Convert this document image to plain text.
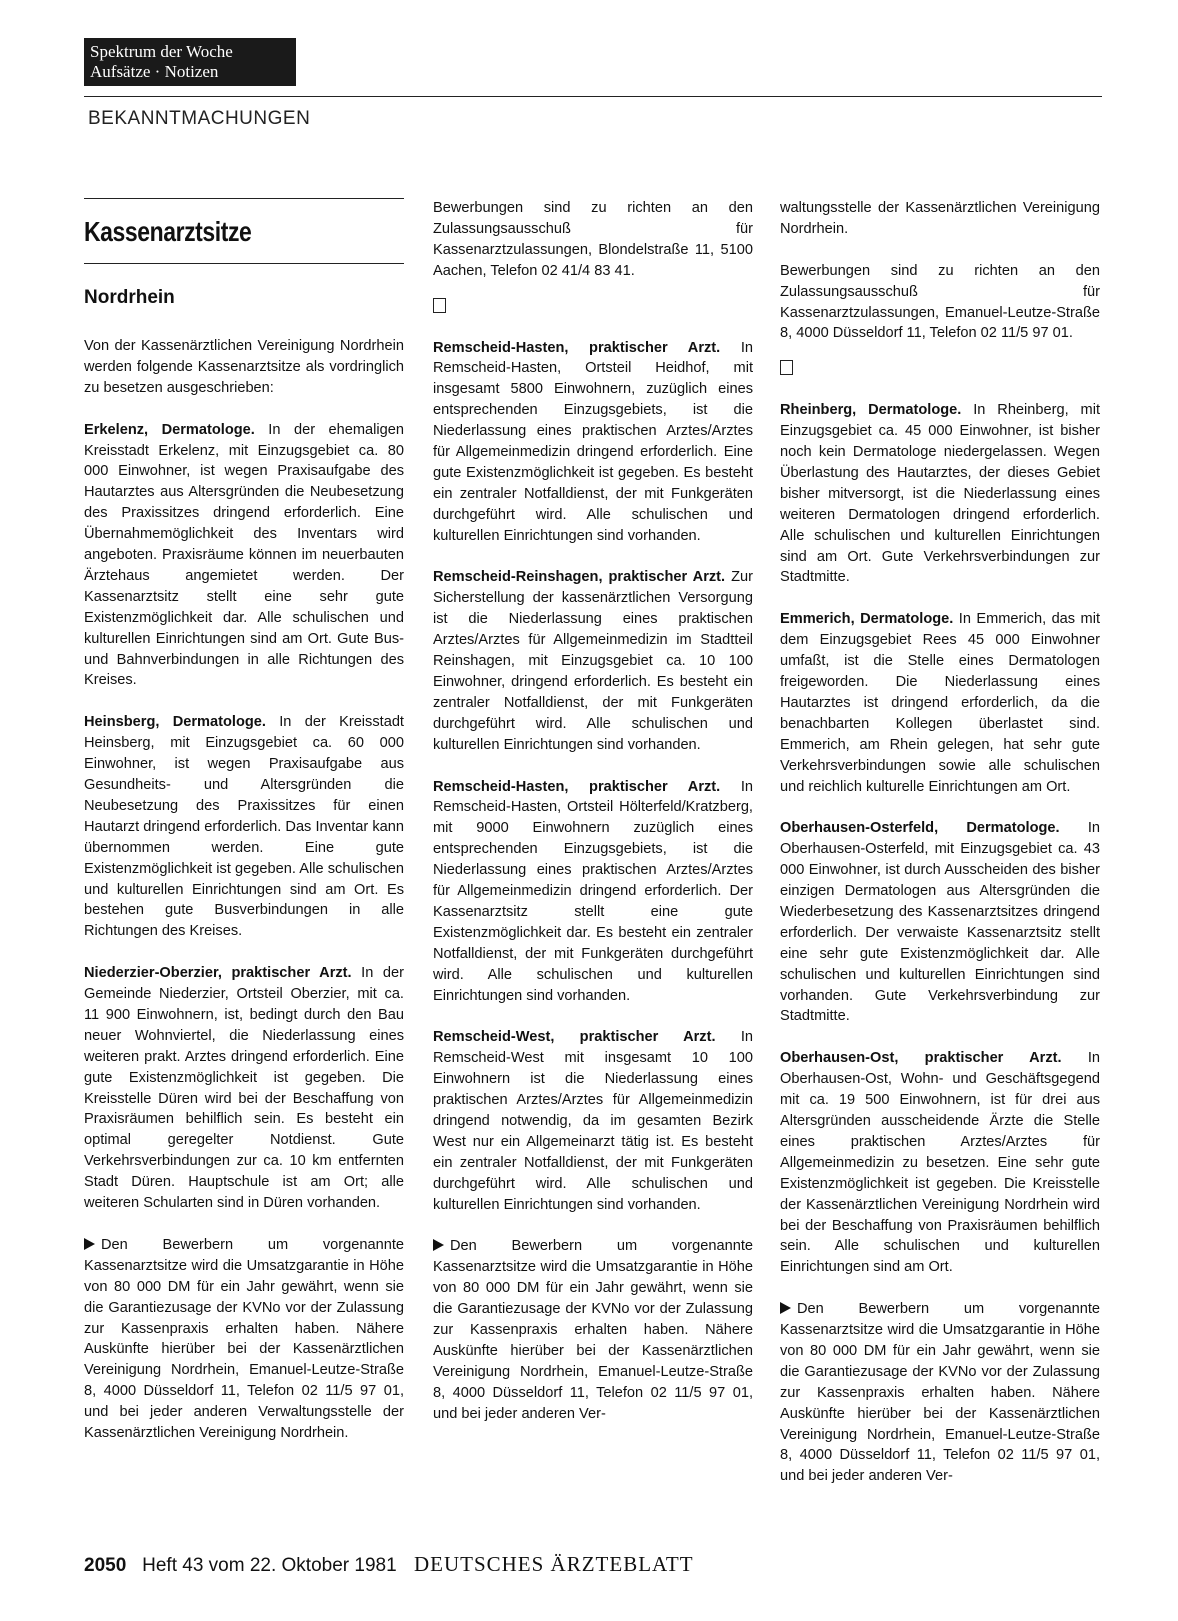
Spektrum der Woche
Aufsätze · Notizen
BEKANNTMACHUNGEN
Kassenarztsitze
Nordrhein

Von der Kassenärztlichen Vereinigung Nordrhein werden folgende Kassenarztsitze als vordringlich zu besetzen ausgeschrieben:

Erkelenz, Dermatologe. In der ehemaligen Kreisstadt Erkelenz, mit Einzugsgebiet ca. 80 000 Einwohner, ist wegen Praxisaufgabe des Hautarztes aus Altersgründen die Neubesetzung des Praxissitzes dringend erforderlich. Eine Übernahmemöglichkeit des Inventars wird angeboten. Praxisräume können im neuerbauten Ärztehaus angemietet werden. Der Kassenarztsitz stellt eine sehr gute Existenzmöglichkeit dar. Alle schulischen und kulturellen Einrichtungen sind am Ort. Gute Bus- und Bahnverbindungen in alle Richtungen des Kreises.

Heinsberg, Dermatologe. In der Kreisstadt Heinsberg, mit Einzugsgebiet ca. 60 000 Einwohner, ist wegen Praxisaufgabe aus Gesundheits- und Altersgründen die Neubesetzung des Praxissitzes für einen Hautarzt dringend erforderlich. Das Inventar kann übernommen werden. Eine gute Existenzmöglichkeit ist gegeben. Alle schulischen und kulturellen Einrichtungen sind am Ort. Es bestehen gute Busverbindungen in alle Richtungen des Kreises.

Niederzier-Oberzier, praktischer Arzt. In der Gemeinde Niederzier, Ortsteil Oberzier, mit ca. 11 900 Einwohnern, ist, bedingt durch den Bau neuer Wohnviertel, die Niederlassung eines weiteren prakt. Arztes dringend erforderlich. Eine gute Existenzmöglichkeit ist gegeben. Die Kreisstelle Düren wird bei der Beschaffung von Praxisräumen behilflich sein. Es besteht ein optimal geregelter Notdienst. Gute Verkehrsverbindungen zur ca. 10 km entfernten Stadt Düren. Hauptschule ist am Ort; alle weiteren Schularten sind in Düren vorhanden.

Den Bewerbern um vorgenannte Kassenarztsitze wird die Umsatzgarantie in Höhe von 80 000 DM für ein Jahr gewährt, wenn sie die Garantiezusage der KVNo vor der Zulassung zur Kassenpraxis erhalten haben. Nähere Auskünfte hierüber bei der Kassenärztlichen Vereinigung Nordrhein, Emanuel-Leutze-Straße 8, 4000 Düsseldorf 11, Telefon 02 11/5 97 01, und bei jeder anderen Verwaltungsstelle der Kassenärztlichen Vereinigung Nordrhein.

Bewerbungen sind zu richten an den Zulassungsausschuß für Kassenarztzulassungen, Blondelstraße 11, 5100 Aachen, Telefon 02 41/4 83 41.

Remscheid-Hasten, praktischer Arzt. In Remscheid-Hasten, Ortsteil Heidhof, mit insgesamt 5800 Einwohnern, zuzüglich eines entsprechenden Einzugsgebiets, ist die Niederlassung eines praktischen Arztes/Arztes für Allgemeinmedizin dringend erforderlich. Eine gute Existenzmöglichkeit ist gegeben. Es besteht ein zentraler Notfalldienst, der mit Funkgeräten durchgeführt wird. Alle schulischen und kulturellen Einrichtungen sind vorhanden.

Remscheid-Reinshagen, praktischer Arzt. Zur Sicherstellung der kassenärztlichen Versorgung ist die Niederlassung eines praktischen Arztes/Arztes für Allgemeinmedizin im Stadtteil Reinshagen, mit Einzugsgebiet ca. 10 100 Einwohner, dringend erforderlich. Es besteht ein zentraler Notfalldienst, der mit Funkgeräten durchgeführt wird. Alle schulischen und kulturellen Einrichtungen sind vorhanden.

Remscheid-Hasten, praktischer Arzt. In Remscheid-Hasten, Ortsteil Hölterfeld/Kratzberg, mit 9000 Einwohnern zuzüglich eines entsprechenden Einzugsgebiets, ist die Niederlassung eines praktischen Arztes/Arztes für Allgemeinmedizin dringend erforderlich. Der Kassenarztsitz stellt eine gute Existenzmöglichkeit dar. Es besteht ein zentraler Notfalldienst, der mit Funkgeräten durchgeführt wird. Alle schulischen und kulturellen Einrichtungen sind vorhanden.

Remscheid-West, praktischer Arzt. In Remscheid-West mit insgesamt 10 100 Einwohnern ist die Niederlassung eines praktischen Arztes/Arztes für Allgemeinmedizin dringend notwendig, da im gesamten Bezirk West nur ein Allgemeinarzt tätig ist. Es besteht ein zentraler Notfalldienst, der mit Funkgeräten durchgeführt wird. Alle schulischen und kulturellen Einrichtungen sind vorhanden.

Den Bewerbern um vorgenannte Kassenarztsitze wird die Umsatzgarantie in Höhe von 80 000 DM für ein Jahr gewährt, wenn sie die Garantiezusage der KVNo vor der Zulassung zur Kassenpraxis erhalten haben. Nähere Auskünfte hierüber bei der Kassenärztlichen Vereinigung Nordrhein, Emanuel-Leutze-Straße 8, 4000 Düsseldorf 11, Telefon 02 11/5 97 01, und bei jeder anderen Ver-

waltungsstelle der Kassenärztlichen Vereinigung Nordrhein.

Bewerbungen sind zu richten an den Zulassungsausschuß für Kassenarztzulassungen, Emanuel-Leutze-Straße 8, 4000 Düsseldorf 11, Telefon 02 11/5 97 01.

Rheinberg, Dermatologe. In Rheinberg, mit Einzugsgebiet ca. 45 000 Einwohner, ist bisher noch kein Dermatologe niedergelassen. Wegen Überlastung des Hautarztes, der dieses Gebiet bisher mitversorgt, ist die Niederlassung eines weiteren Dermatologen dringend erforderlich. Alle schulischen und kulturellen Einrichtungen sind am Ort. Gute Verkehrsverbindungen zur Stadtmitte.

Emmerich, Dermatologe. In Emmerich, das mit dem Einzugsgebiet Rees 45 000 Einwohner umfaßt, ist die Stelle eines Dermatologen freigeworden. Die Niederlassung eines Hautarztes ist dringend erforderlich, da die benachbarten Kollegen überlastet sind. Emmerich, am Rhein gelegen, hat sehr gute Verkehrsverbindungen sowie alle schulischen und reichlich kulturelle Einrichtungen am Ort.

Oberhausen-Osterfeld, Dermatologe. In Oberhausen-Osterfeld, mit Einzugsgebiet ca. 43 000 Einwohner, ist durch Ausscheiden des bisher einzigen Dermatologen aus Altersgründen die Wiederbesetzung des Kassenarztsitzes dringend erforderlich. Der verwaiste Kassenarztsitz stellt eine sehr gute Existenzmöglichkeit dar. Alle schulischen und kulturellen Einrichtungen sind vorhanden. Gute Verkehrsverbindung zur Stadtmitte.

Oberhausen-Ost, praktischer Arzt. In Oberhausen-Ost, Wohn- und Geschäftsgegend mit ca. 19 500 Einwohnern, ist für drei aus Altersgründen ausscheidende Ärzte die Stelle eines praktischen Arztes/Arztes für Allgemeinmedizin zu besetzen. Eine sehr gute Existenzmöglichkeit ist gegeben. Die Kreisstelle der Kassenärztlichen Vereinigung Nordrhein wird bei der Beschaffung von Praxisräumen behilflich sein. Alle schulischen und kulturellen Einrichtungen sind am Ort.

Den Bewerbern um vorgenannte Kassenarztsitze wird die Umsatzgarantie in Höhe von 80 000 DM für ein Jahr gewährt, wenn sie die Garantiezusage der KVNo vor der Zulassung zur Kassenpraxis erhalten haben. Nähere Auskünfte hierüber bei der Kassenärztlichen Vereinigung Nordrhein, Emanuel-Leutze-Straße 8, 4000 Düsseldorf 11, Telefon 02 11/5 97 01, und bei jeder anderen Ver-

2050 Heft 43 vom 22. Oktober 1981 DEUTSCHES ÄRZTEBLATT
